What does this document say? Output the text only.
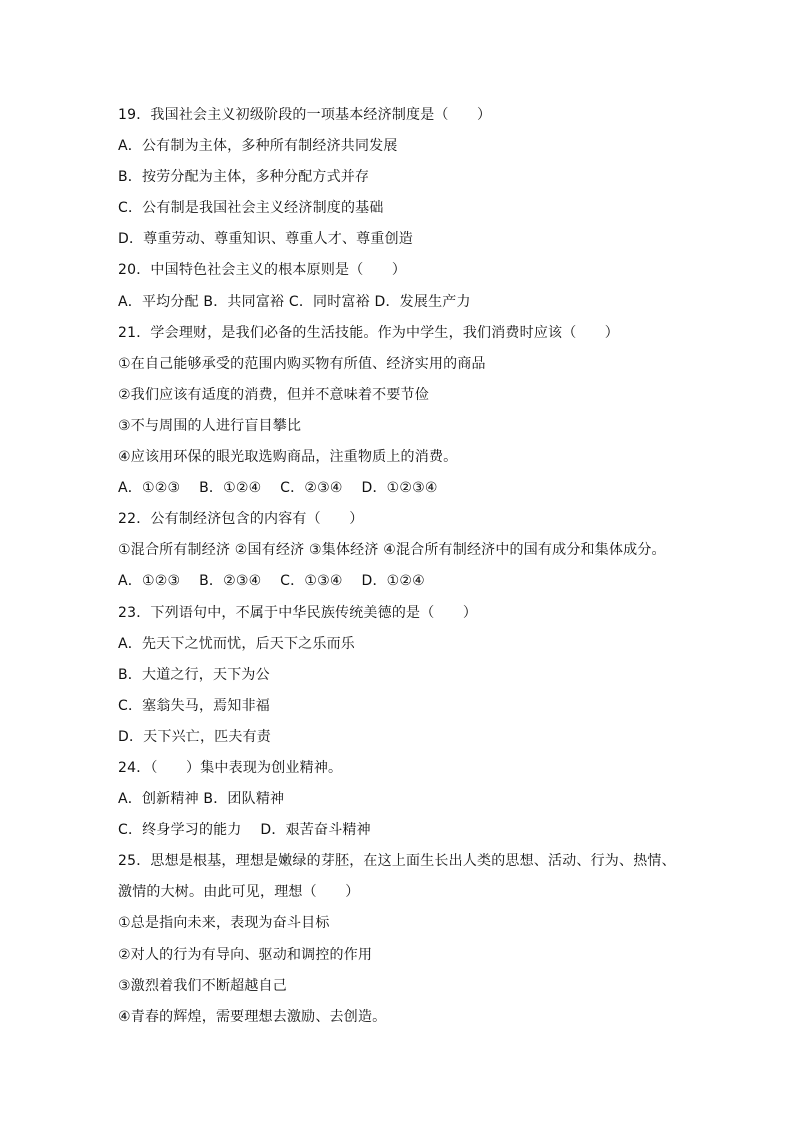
19．我国社会主义初级阶段的一项基本经济制度是（　　）
A．公有制为主体，多种所有制经济共同发展
B．按劳分配为主体，多种分配方式并存
C．公有制是我国社会主义经济制度的基础
D．尊重劳动、尊重知识、尊重人才、尊重创造
20．中国特色社会主义的根本原则是（　　）
A．平均分配 B．共同富裕 C．同时富裕 D．发展生产力
21．学会理财，是我们必备的生活技能。作为中学生，我们消费时应该（　　）
①在自己能够承受的范围内购买物有所值、经济实用的商品
②我们应该有适度的消费，但并不意味着不要节俭
③不与周围的人进行盲目攀比
④应该用环保的眼光取选购商品，注重物质上的消费。
A．①②③　 B．①②④　 C．②③④　 D．①②③④
22．公有制经济包含的内容有（　　）
①混合所有制经济 ②国有经济 ③集体经济 ④混合所有制经济中的国有成分和集体成分。
A．①②③　 B．②③④　 C．①③④　 D．①②④
23．下列语句中，不属于中华民族传统美德的是（　　）
A．先天下之忧而忧，后天下之乐而乐
B．大道之行，天下为公
C．塞翁失马，焉知非福
D．天下兴亡，匹夫有责
24．（　　）集中表现为创业精神。
A．创新精神 B．团队精神
C．终身学习的能力　 D．艰苦奋斗精神
25．思想是根基，理想是嫩绿的芽胚，在这上面生长出人类的思想、活动、行为、热情、
激情的大树。由此可见，理想（　　）
①总是指向未来，表现为奋斗目标
②对人的行为有导向、驱动和调控的作用
③激烈着我们不断超越自己
④青春的辉煌，需要理想去激励、去创造。
